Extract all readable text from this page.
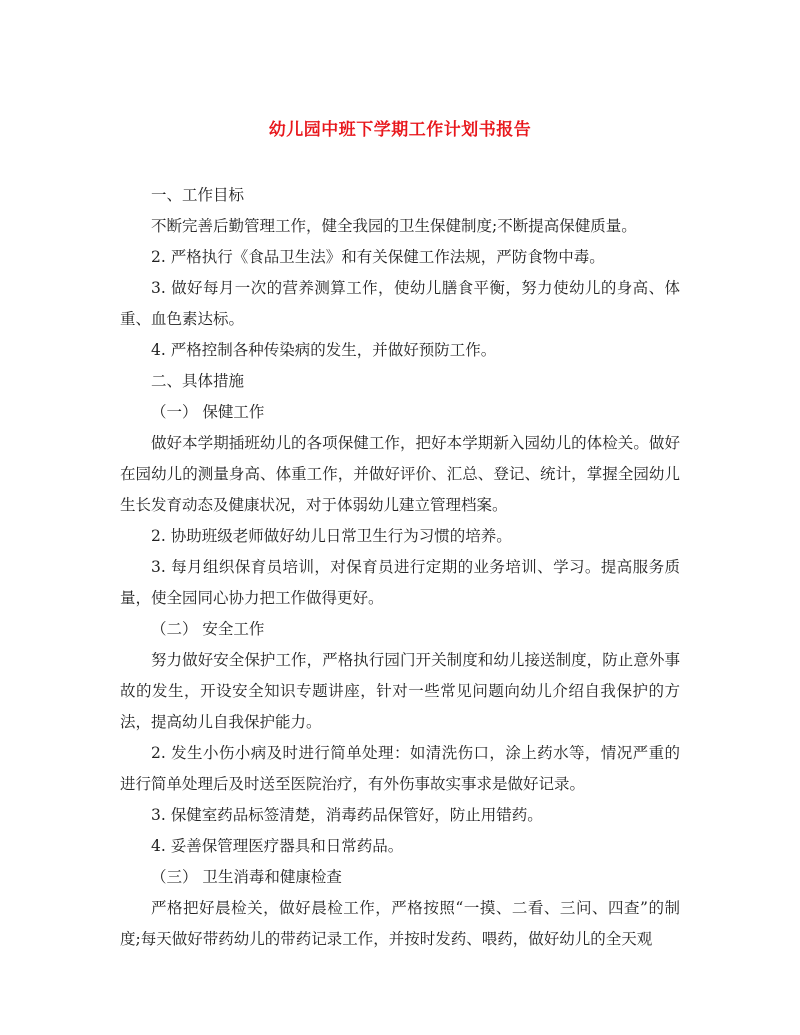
幼儿园中班下学期工作计划书报告

一、工作目标

不断完善后勤管理工作，健全我园的卫生保健制度;不断提高保健质量。

2. 严格执行《食品卫生法》和有关保健工作法规，严防食物中毒。

3. 做好每月一次的营养测算工作，使幼儿膳食平衡，努力使幼儿的身高、体重、血色素达标。

4. 严格控制各种传染病的发生，并做好预防工作。

二、具体措施

（一） 保健工作

做好本学期插班幼儿的各项保健工作，把好本学期新入园幼儿的体检关。做好在园幼儿的测量身高、体重工作，并做好评价、汇总、登记、统计，掌握全园幼儿生长发育动态及健康状况，对于体弱幼儿建立管理档案。

2. 协助班级老师做好幼儿日常卫生行为习惯的培养。

3. 每月组织保育员培训，对保育员进行定期的业务培训、学习。提高服务质量，使全园同心协力把工作做得更好。

（二） 安全工作

努力做好安全保护工作，严格执行园门开关制度和幼儿接送制度，防止意外事故的发生，开设安全知识专题讲座，针对一些常见问题向幼儿介绍自我保护的方法，提高幼儿自我保护能力。

2. 发生小伤小病及时进行简单处理：如清洗伤口，涂上药水等，情况严重的进行简单处理后及时送至医院治疗，有外伤事故实事求是做好记录。

3. 保健室药品标签清楚，消毒药品保管好，防止用错药。

4. 妥善保管理医疗器具和日常药品。

（三） 卫生消毒和健康检查

严格把好晨检关，做好晨检工作，严格按照“一摸、二看、三问、四查”的制度;每天做好带药幼儿的带药记录工作，并按时发药、喂药，做好幼儿的全天观
